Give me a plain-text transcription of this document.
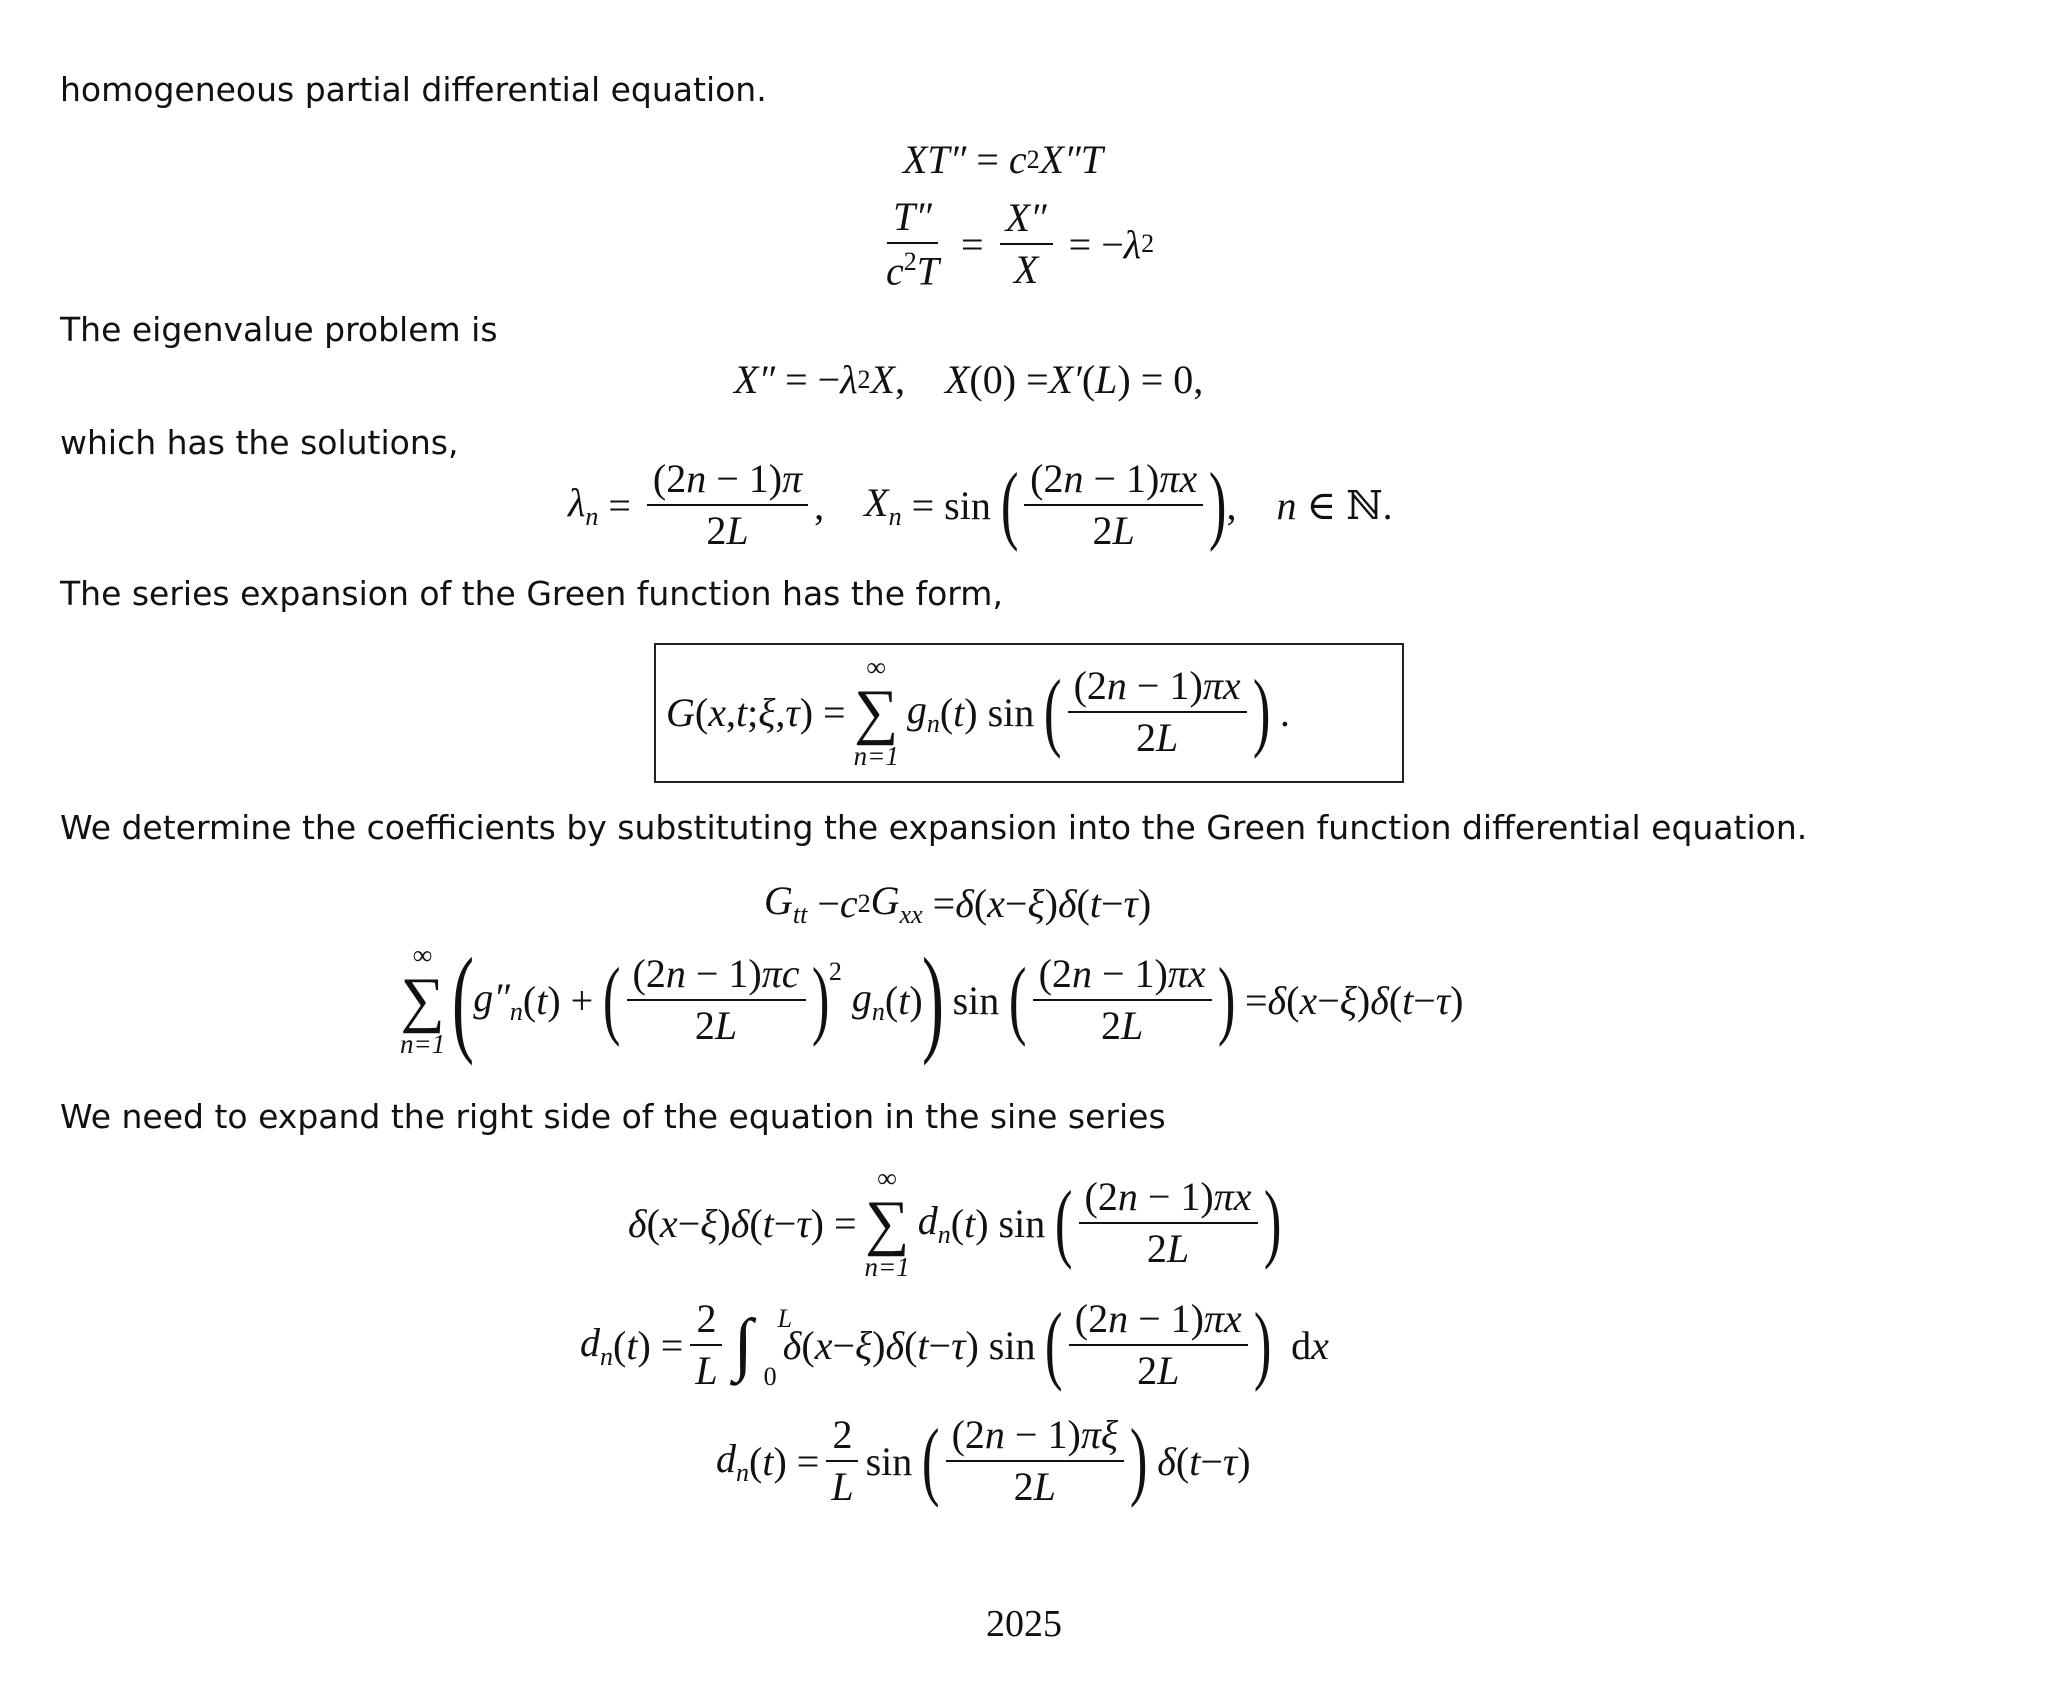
homogeneous partial differential equation.
XT″ = c 2 X″T
$\frac{T''}{c^2T} = \frac{X''}{X}$ = − λ 2
The eigenvalue problem is
X″ = − λ 2 X , X (0) = X′ ( L ) = 0,
which has the solutions,
$\lambda_n = \frac{(2n - 1)\pi}{2L}$ , $X_n = \sin$ ( $\frac{(2n - 1)\pi x}{2L}$ ) , n ∈ ℕ.
The series expansion of the Green function has the form,
G ( x , t ; ξ , τ ) =
∞
∑
n=1
$g_n$ ( t ) sin ( $\frac{(2n - 1)\pi x}{2L}$ ) .
We determine the coefficients by substituting the expansion into the Green function differential equation.
$G_{tt} - c$ 2 $G_{xx} = \delta$ ( x − ξ ) δ ( t − τ )
∞
∑
n=1 (
$g''_n$ ( t ) + ( $\frac{(2n - 1)\pi c}{2L} )^2$

$g_n$ ( t )
)
sin ( $\frac{(2n - 1)\pi x}{2L}$ ) = δ ( x − ξ ) δ ( t − τ )
We need to expand the right side of the equation in the sine series
δ ( x − ξ ) δ ( t − τ ) =
∞
∑
n=1
$d_n$ ( t ) sin ( $\frac{(2n - 1)\pi x}{2L}$ )
$d_n$ ( t ) = $\frac{2}{L}$ ∫ L
0

δ ( x − ξ ) δ ( t − τ ) sin ( $\frac{(2n - 1)\pi x}{2L}$ ) d x
$d_n$ ( t ) = $\frac{2}{L}$ sin ( $\frac{(2n - 1)\pi\xi}{2L}$ )
δ ( t − τ )
2025
